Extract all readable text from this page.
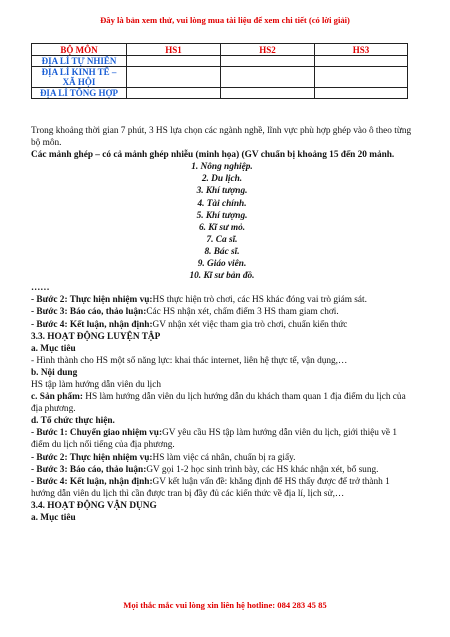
Đây là bản xem thử, vui lòng mua tài liệu để xem chi tiết (có lời giải)
BỘ MÔN	HS1	HS2	HS3
ĐỊA LÍ TỰ NHIÊN			
ĐỊA LÍ KINH TẾ – XÃ HỘI			
ĐỊA LÍ TỔNG HỢP			

Trong khoảng thời gian 7 phút, 3 HS lựa chọn các ngành nghề, lĩnh vực phù hợp ghép vào ô theo từng bộ môn.

Các mảnh ghép – có cả mảnh ghép nhiễu (minh họa) (GV chuẩn bị khoảng 15 đến 20 mảnh.

1. Nông nghiệp.

2. Du lịch.

3. Khí tượng.

4. Tài chính.

5. Khí tượng.

6. Kĩ sư mỏ.

7. Ca sĩ.

8. Bác sĩ.

9. Giáo viên.

10. Kĩ sư bản đồ.

……

- Bước 2: Thực hiện nhiệm vụ:HS thực hiện trò chơi, các HS khác đóng vai trò giám sát.

- Bước 3: Báo cáo, thảo luận:Các HS nhận xét, chấm điểm 3 HS tham giam chơi.

- Bước 4: Kết luận, nhận định:GV nhận xét việc tham gia trò chơi, chuẩn kiến thức

3.3. HOẠT ĐỘNG LUYỆN TẬP

a. Mục tiêu

- Hình thành cho HS một số năng lực: khai thác internet, liên hệ thực tế, vận dụng,…

b. Nội dung

HS tập làm hướng dẫn viên du lịch

c. Sản phẩm: HS làm hướng dẫn viên du lịch hướng dẫn du khách tham quan 1 địa điểm du lịch của địa phương.

d. Tổ chức thực hiện.

- Bước 1: Chuyển giao nhiệm vụ:GV yêu cầu HS tập làm hướng dẫn viên du lịch, giới thiệu về 1 điểm du lịch nổi tiếng của địa phương.

- Bước 2: Thực hiện nhiệm vụ:HS làm việc cá nhân, chuẩn bị ra giấy.

- Bước 3: Báo cáo, thảo luận:GV gọi 1-2 học sinh trình bày, các HS khác nhận xét, bổ sung.

- Bước 4: Kết luận, nhận định:GV kết luận vấn đề: khẳng định để HS thấy được để trở thành 1 hướng dẫn viên du lịch thì cần được tran bị đầy đủ các kiến thức về địa lí, lịch sử,…

3.4. HOẠT ĐỘNG VẬN DỤNG

a. Mục tiêu

Mọi thắc mắc vui lòng xin liên hệ hotline: 084 283 45 85
